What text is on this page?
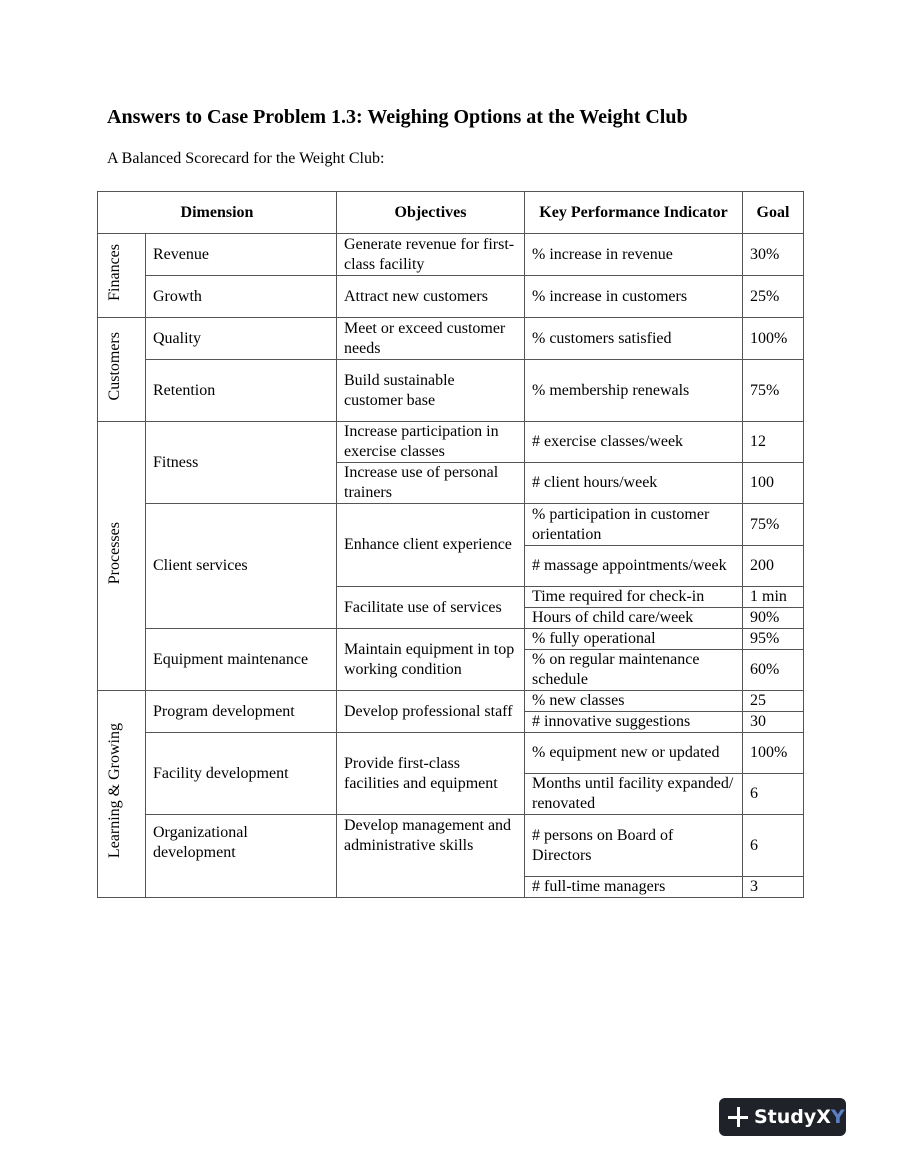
Answers to Case Problem 1.3: Weighing Options at the Weight Club
A Balanced Scorecard for the Weight Club:
Dimension		Objectives	Key Performance Indicator	Goal
Finances	Revenue	Generate revenue for first-class facility	% increase in revenue	30%
	Growth	Attract new customers	% increase in customers	25%
Customers	Quality	Meet or exceed customer needs	% customers satisfied	100%
	Retention	Build sustainable customer base	% membership renewals	75%
Processes	Fitness	Increase participation in exercise classes	# exercise classes/week	12
		Increase use of personal trainers	# client hours/week	100
	Client services	Enhance client experience	% participation in customer orientation	75%
			# massage appointments/week	200
		Facilitate use of services	Time required for check-in	1 min
			Hours of child care/week	90%
	Equipment maintenance	Maintain equipment in top working condition	% fully operational	95%
			% on regular maintenance schedule	60%
Learning & Growing	Program development	Develop professional staff	% new classes	25
			# innovative suggestions	30
	Facility development	Provide first-class facilities and equipment	% equipment new or updated	100%
			Months until facility expanded/ renovated	6
	Organizational development	Develop management and administrative skills	# persons on Board of Directors	6
			# full-time managers	3
StudyX Y
